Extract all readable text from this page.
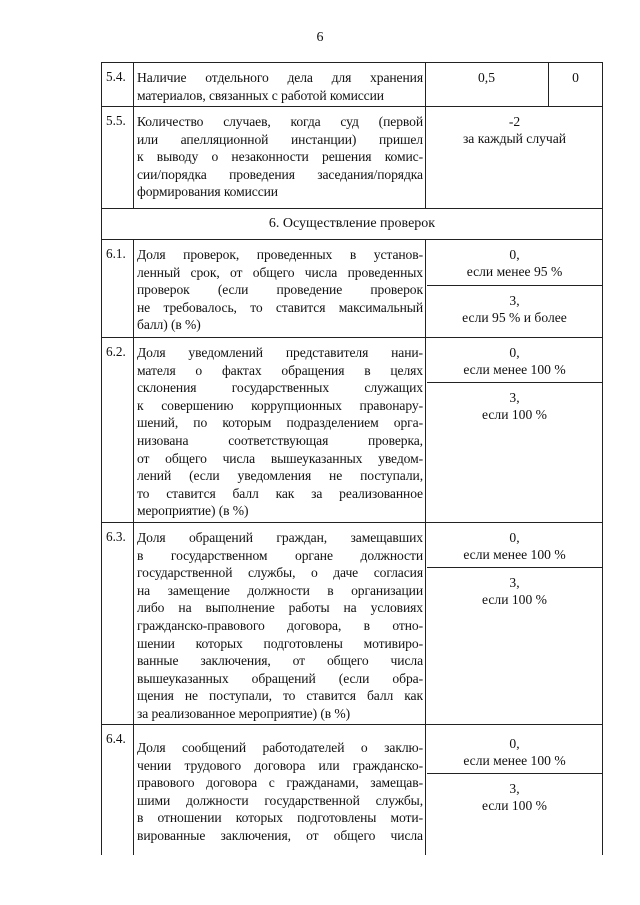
6
5.4. Наличие отдельного дела для хранения
материалов, связанных с работой комиссии
0,5	0
5.5. Количество случаев, когда суд (первой
или апелляционной инстанции) пришел
к выводу о незаконности решения комис-
сии/порядка проведения заседания/порядка
формирования комиссии
-2
за каждый случай
6. Осуществление проверок
6.1. Доля проверок, проведенных в установ-
ленный срок, от общего числа проведенных
проверок (если проведение проверок
не требовалось, то ставится максимальный
балл) (в %)
0,
если менее 95 %
3,
если 95 % и более
6.2. Доля уведомлений представителя нани-
мателя о фактах обращения в целях
склонения государственных служащих
к совершению коррупционных правонару-
шений, по которым подразделением орга-
низована соответствующая проверка,
от общего числа вышеуказанных уведом-
лений (если уведомления не поступали,
то ставится балл как за реализованное
мероприятие) (в %)
0,
если менее 100 %
3,
если 100 %
6.3. Доля обращений граждан, замещавших
в государственном органе должности
государственной службы, о даче согласия
на замещение должности в организации
либо на выполнение работы на условиях
гражданско-правового договора, в отно-
шении которых подготовлены мотивиро-
ванные заключения, от общего числа
вышеуказанных обращений (если обра-
щения не поступали, то ставится балл как
за реализованное мероприятие) (в %)
0,
если менее 100 %
3,
если 100 %
6.4.
Доля сообщений работодателей о заклю-
чении трудового договора или гражданско-
правового договора с гражданами, замещав-
шими должности государственной службы,
в отношении которых подготовлены моти-
вированные заключения, от общего числа
0,
если менее 100 %
3,
если 100 %
